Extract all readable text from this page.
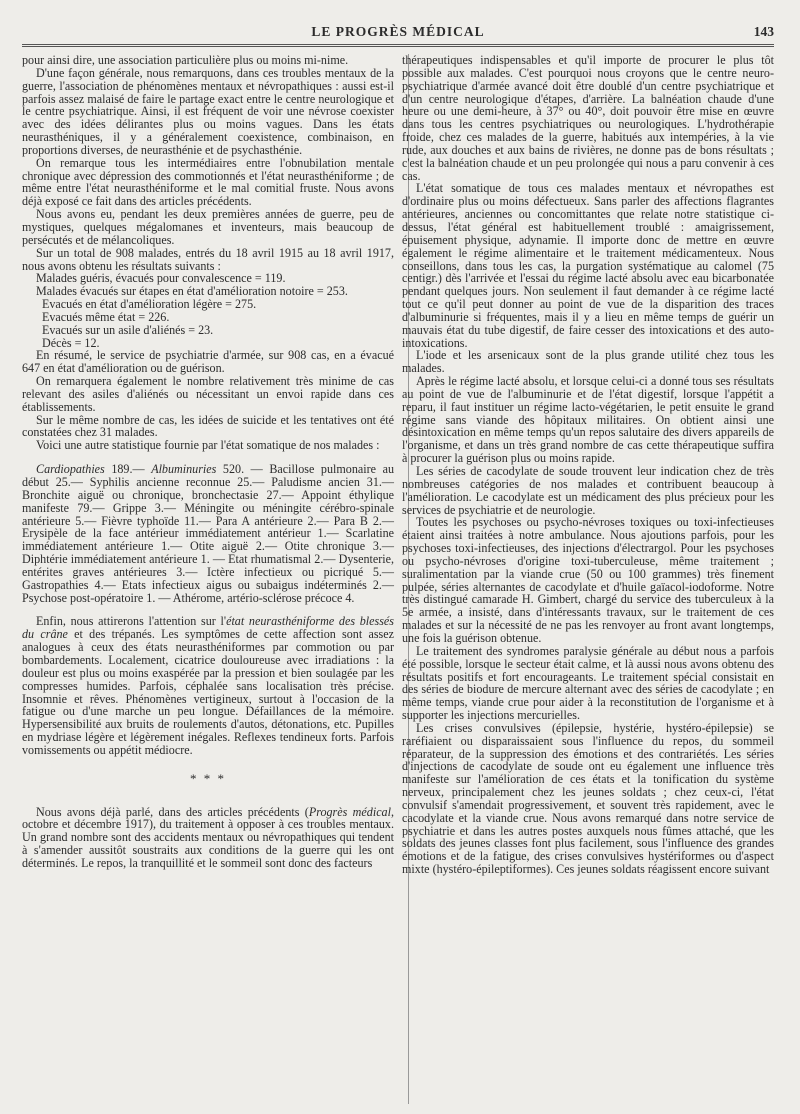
LE PROGRÈS MÉDICAL	143

pour ainsi dire, une association particulière plus ou moins mi-nime.

D'une façon générale, nous remarquons, dans ces troubles mentaux de la guerre, l'association de phénomènes mentaux et névropathiques : aussi est-il parfois assez malaisé de faire le partage exact entre le centre neurologique et le centre psychiatrique. Ainsi, il est fréquent de voir une névrose coexister avec des idées délirantes plus ou moins vagues. Dans les états neurasthéniques, il y a généralement coexistence, combinaison, en proportions diverses, de neurasthénie et de psychasthénie.

On remarque tous les intermédiaires entre l'obnubilation mentale chronique avec dépression des commotionnés et l'état neurasthéniforme ; de même entre l'état neurasthéniforme et le mal comitial fruste. Nous avons déjà exposé ce fait dans des articles précédents.

Nous avons eu, pendant les deux premières années de guerre, peu de mystiques, quelques mégalomanes et inventeurs, mais beaucoup de persécutés et de mélancoliques.

Sur un total de 908 malades, entrés du 18 avril 1915 au 18 avril 1917, nous avons obtenu les résultats suivants :

Malades guéris, évacués pour convalescence = 119.

Malades évacués sur étapes en état d'amélioration notoire = 253.

Evacués en état d'amélioration légère = 275.

Evacués même état = 226.

Evacués sur un asile d'aliénés = 23.

Décès = 12.

En résumé, le service de psychiatrie d'armée, sur 908 cas, en a évacué 647 en état d'amélioration ou de guérison.

On remarquera également le nombre relativement très minime de cas relevant des asiles d'aliénés ou nécessitant un envoi rapide dans ces établissements.

Sur le même nombre de cas, les idées de suicide et les tentatives ont été constatées chez 31 malades.

Voici une autre statistique fournie par l'état somatique de nos malades :

Cardiopathies 189.— Albuminuries 520. — Bacillose pulmonaire au début 25.— Syphilis ancienne reconnue 25.— Paludisme ancien 31.— Bronchite aiguë ou chronique, bronchectasie 27.— Appoint éthylique manifeste 79.— Grippe 3.— Méningite ou méningite cérébro-spinale antérieure 5.— Fièvre typhoïde 11.— Para A antérieure 2.— Para B 2.— Erysipèle de la face antérieur immédiatement antérieur 1.— Scarlatine immédiatement antérieure 1.— Otite aiguë 2.— Otite chronique 3.— Diphtérie immédiatement antérieure 1. — Etat rhumatismal 2.— Dysenterie, entérites graves antérieures 3.— Ictère infectieux ou picriqué 5.— Gastropathies 4.— Etats infectieux aigus ou subaigus indéterminés 2.— Psychose post-opératoire 1. — Athérome, artério-sclérose précoce 4.

Enfin, nous attirerons l'attention sur l'état neurasthéniforme des blessés du crâne et des trépanés. Les symptômes de cette affection sont assez analogues à ceux des états neurasthéniformes par commotion ou par bombardements. Localement, cicatrice douloureuse avec irradiations : la douleur est plus ou moins exaspérée par la pression et bien soulagée par les compresses humides. Parfois, céphalée sans localisation très précise. Insomnie et rêves. Phénomènes vertigineux, surtout à l'occasion de la fatigue ou d'une marche un peu longue. Défaillances de la mémoire. Hypersensibilité aux bruits de roulements d'autos, détonations, etc. Pupilles en mydriase légère et légèrement inégales. Reflexes tendineux forts. Parfois vomissements ou appétit médiocre.

* * *

Nous avons déjà parlé, dans des articles précédents (Progrès médical, octobre et décembre 1917), du traitement à opposer à ces troubles mentaux. Un grand nombre sont des accidents mentaux ou névropathiques qui tendent à s'amender aussitôt soustraits aux conditions de la guerre qui les ont déterminés. Le repos, la tranquillité et le sommeil sont donc des facteurs

thérapeutiques indispensables et qu'il importe de procurer le plus tôt possible aux malades. C'est pourquoi nous croyons que le centre neuro-psychiatrique d'armée avancé doit être doublé d'un centre psychiatrique et d'un centre neurologique d'étapes, d'arrière. La balnéation chaude d'une heure ou une demi-heure, à 37° ou 40°, doit pouvoir être mise en œuvre dans tous les centres psychiatriques ou neurologiques. L'hydrothérapie froide, chez ces malades de la guerre, habitués aux intempéries, à la vie rude, aux douches et aux bains de rivières, ne donne pas de bons résultats ; c'est la balnéation chaude et un peu prolongée qui nous a paru convenir à ces cas.

L'état somatique de tous ces malades mentaux et névropathes est d'ordinaire plus ou moins défectueux. Sans parler des affections flagrantes antérieures, anciennes ou concomittantes que relate notre statistique ci-dessus, l'état général est habituellement troublé : amaigrissement, épuisement physique, adynamie. Il importe donc de mettre en œuvre également le régime alimentaire et le traitement médicamenteux. Nous conseillons, dans tous les cas, la purgation systématique au calomel (75 centigr.) dès l'arrivée et l'essai du régime lacté absolu avec eau bicarbonatée pendant quelques jours. Non seulement il faut demander à ce régime lacté tout ce qu'il peut donner au point de vue de la disparition des traces d'albuminurie si fréquentes, mais il y a lieu en même temps de guérir un mauvais état du tube digestif, de faire cesser des intoxications et des auto-intoxications.

L'iode et les arsenicaux sont de la plus grande utilité chez tous les malades.

Après le régime lacté absolu, et lorsque celui-ci a donné tous ses résultats au point de vue de l'albuminurie et de l'état digestif, lorsque l'appétit a reparu, il faut instituer un régime lacto-végétarien, le petit ensuite le grand régime sans viande des hôpitaux militaires. On obtient ainsi une désintoxication en même temps qu'un repos salutaire des divers appareils de l'organisme, et dans un très grand nombre de cas cette thérapeutique suffira à procurer la guérison plus ou moins rapide.

Les séries de cacodylate de soude trouvent leur indication chez de très nombreuses catégories de nos malades et contribuent beaucoup à l'amélioration. Le cacodylate est un médicament des plus précieux pour les services de psychiatrie et de neurologie.

Toutes les psychoses ou psycho-névroses toxiques ou toxi-infectieuses étaient ainsi traitées à notre ambulance. Nous ajoutions parfois, pour les psychoses toxi-infectieuses, des injections d'électrargol. Pour les psychoses ou psycho-névroses d'origine toxi-tuberculeuse, même traitement ; suralimentation par la viande crue (50 ou 100 grammes) très finement pulpée, séries alternantes de cacodylate et d'huile gaïacol-iodoforme. Notre très distingué camarade H. Gimbert, chargé du service des tuberculeux à la 5e armée, a insisté, dans d'intéressants travaux, sur le traitement de ces malades et sur la nécessité de ne pas les renvoyer au front avant longtemps, une fois la guérison obtenue.

Le traitement des syndromes paralysie générale au début nous a parfois été possible, lorsque le secteur était calme, et là aussi nous avons obtenu des résultats positifs et fort encourageants. Le traitement spécial consistait en des séries de biodure de mercure alternant avec des séries de cacodylate ; en même temps, viande crue pour aider à la reconstitution de l'organisme et à supporter les injections mercurielles.

Les crises convulsives (épilepsie, hystérie, hystéro-épilepsie) se raréfiaient ou disparaissaient sous l'influence du repos, du sommeil réparateur, de la suppression des émotions et des contrariétés. Les séries d'injections de cacodylate de soude ont eu également une influence très manifeste sur l'amélioration de ces états et la tonification du système nerveux, principalement chez les jeunes soldats ; chez ceux-ci, l'état convulsif s'amendait progressivement, et souvent très rapidement, avec le cacodylate et la viande crue. Nous avons remarqué dans notre service de psychiatrie et dans les autres postes auxquels nous fûmes attaché, que les soldats des jeunes classes font plus facilement, sous l'influence des grandes émotions et de la fatigue, des crises convulsives hystériformes ou d'aspect mixte (hystéro-épileptiformes). Ces jeunes soldats réagissent encore suivant
